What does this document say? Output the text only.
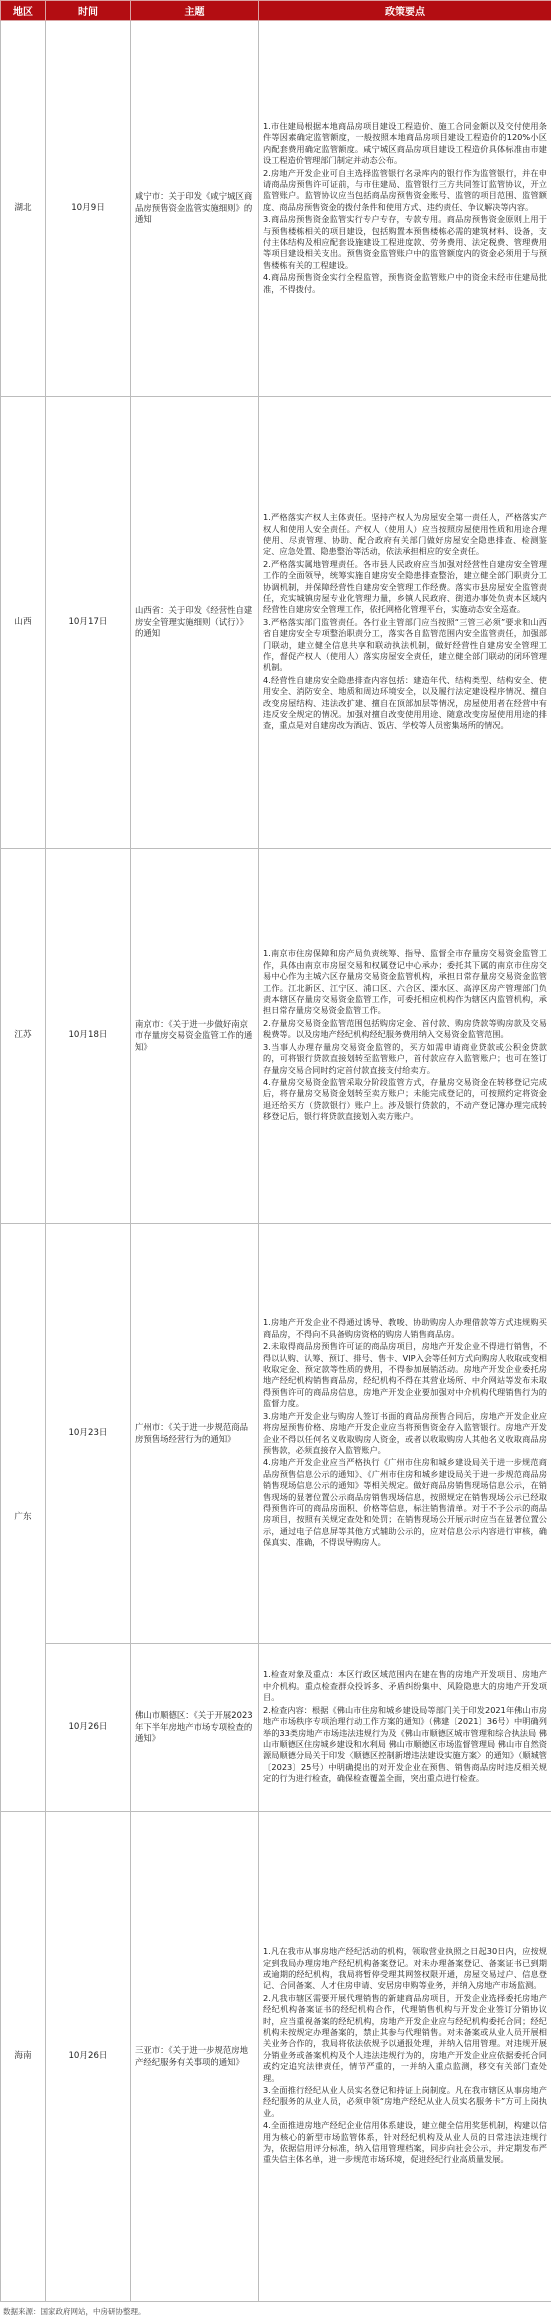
地区	时间	主题	政策要点
湖北	10月9日	咸宁市：关于印发《咸宁城区商品房预售资金监管实施细则》的通知	1.市住建局根据本地商品房项目建设工程造价、施工合同金额以及交付使用条件等因素确定监管额度，一般按照本地商品房项目建设工程造价的120%小区内配套费用确定监管额度。咸宁城区商品房项目建设工程造价具体标准由市建设工程造价管理部门制定并动态公布。

2.房地产开发企业可自主选择监管银行名录库内的银行作为监管银行，并在申请商品房预售许可证前，与市住建局、监管银行三方共同签订监管协议，开立监管账户。监管协议应当包括商品房预售资金账号、监管的项目范围、监管额度、商品房预售资金的拨付条件和使用方式、违约责任、争议解决等内容。

3.商品房预售资金监管实行专户专存，专款专用。商品房预售资金原则上用于与预售楼栋相关的项目建设，包括购置本预售楼栋必需的建筑材料、设备，支付主体结构及相应配套设施建设工程进度款、劳务费用、法定税费、管理费用等项目建设相关支出。预售资金监管账户中的监管额度内的资金必须用于与预售楼栋有关的工程建设。

4.商品房预售资金实行全程监管，预售资金监管账户中的资金未经市住建局批准，不得拨付。

山西	10月17日	山西省：关于印发《经营性自建房安全管理实施细则（试行）》的通知	1.严格落实产权人主体责任。坚持产权人为房屋安全第一责任人，严格落实产权人和使用人安全责任。产权人（使用人）应当按照房屋使用性质和用途合理使用、尽责管理、协助、配合政府有关部门做好房屋安全隐患排查、检测鉴定、应急处置、隐患整治等活动，依法承担相应的安全责任。

2.严格落实属地管理责任。各市县人民政府应当加强对经营性自建房安全管理工作的全面领导，统筹实施自建房安全隐患排查整治，建立健全部门职责分工协调机制，并保障经营性自建房安全管理工作经费。落实市县房屋安全监管责任，充实城镇房屋专业化管理力量，乡镇人民政府、街道办事处负责本区域内经营性自建房安全管理工作，依托网格化管理平台，实施动态安全巡查。

3.严格落实部门监管责任。各行业主管部门应当按照“三管三必须”要求和山西省自建房安全专项整治职责分工，落实各自监管范围内安全监管责任，加强部门联动，建立健全信息共享和联动执法机制，做好经营性自建房安全管理工作，督促产权人（使用人）落实房屋安全责任，建立健全部门联动的闭环管理机制。

4.经营性自建房安全隐患排查内容包括：建造年代、结构类型、结构安全、使用安全、消防安全、地质和周边环境安全，以及履行法定建设程序情况、擅自改变房屋结构、违法改扩建、擅自在顶部加层等情况，房屋使用者在经营中有违反安全规定的情况。加强对擅自改变使用用途、随意改变房屋使用用途的排查，重点是对自建房改为酒店、饭店、学校等人员密集场所的情况。

江苏	10月18日	南京市：《关于进一步做好南京市存量房交易资金监管工作的通知》	1.南京市住房保障和房产局负责统筹、指导、监督全市存量房交易资金监管工作，具体由南京市房屋交易和权属登记中心承办；委托其下属的南京市住房交易中心作为主城六区存量房交易资金监管机构，承担日常存量房交易资金监管工作。江北新区、江宁区、浦口区、六合区、溧水区、高淳区房产管理部门负责本辖区存量房交易资金监管工作，可委托相应机构作为辖区内监管机构，承担日常存量房交易资金监管工作。

2.存量房交易资金监管范围包括购房定金、首付款、购房贷款等购房款及交易税费等。以及房地产经纪机构经纪服务费用纳入交易资金监管范围。

3.当事人办理存量房交易资金监管的，买方如需申请商业贷款或公积金贷款的，可将银行贷款直接划转至监管账户，首付款应存入监管账户；也可在签订存量房交易合同时约定首付款直接支付给卖方。

4.存量房交易资金监管采取分阶段监管方式，存量房交易资金在转移登记完成后，将存量房交易资金划转至卖方账户；未能完成登记的，可按照约定将资金退还给买方（贷款银行）账户上。涉及银行贷款的，不动产登记簿办理完成转移登记后，银行将贷款直接划入卖方账户。

广东	10月23日	广州市：《关于进一步规范商品房预售场经营行为的通知》	1.房地产开发企业不得通过诱导、教唆、协助购房人办理借款等方式违规购买商品房，不得向不具备购房资格的购房人销售商品房。

2.未取得商品房预售许可证的商品房项目，房地产开发企业不得进行销售，不得以认购、认筹、预订、排号、售卡、VIP入会等任何方式向购房人收取或变相收取定金、预定款等性质的费用，不得参加展销活动。房地产开发企业委托房地产经纪机构销售商品房，经纪机构不得在其营业场所、中介网站等发布未取得预售许可的商品房信息，房地产开发企业要加强对中介机构代理销售行为的监督力度。

3.房地产开发企业与购房人签订书面的商品房预售合同后，房地产开发企业应将房屋预售价格、房地产开发企业应当将预售资金存入监管银行。房地产开发企业不得以任何名义收取购房人资金，或者以收取购房人其他名义收取商品房预售款，必须直接存入监管账户。

4.房地产开发企业应当严格执行《广州市住房和城乡建设局关于进一步规范商品房预售信息公示的通知》、《广州市住房和城乡建设局关于进一步规范商品房销售现场信息公示的通知》等相关规定。做好商品房销售现场信息公示，在销售现场的显著位置公示商品房销售现场信息，按照规定在销售现场公示已经取得预售许可的商品房面积、价格等信息，标注销售清单。对于不予公示的商品房项目，按照有关规定查处和处罚；在销售现场公开展示时应当在显著位置公示，通过电子信息屏等其他方式辅助公示的，应对信息公示内容进行审核，确保真实、准确，不得误导购房人。

	10月26日	佛山市顺德区：《关于开展2023年下半年房地产市场专项检查的通知》	1.检查对象及重点：本区行政区域范围内在建在售的房地产开发项目、房地产中介机构。重点检查群众投诉多、矛盾纠纷集中、风险隐患大的房地产开发项目。

2.检查内容：根据《佛山市住房和城乡建设局等部门关于印发2021年佛山市房地产市场秩序专项治理行动工作方案的通知》（佛建〔2021〕36号）中明确列举的33类房地产市场违法违规行为及《佛山市顺德区城市管理和综合执法局 佛山市顺德区住房城乡建设和水利局 佛山市顺德区市场监督管理局 佛山市自然资源局顺德分局关于印发〈顺德区控制新增违法建设实施方案〉的通知》（顺城管〔2023〕25号）中明确提出的对开发企业在预售、销售商品房时违反相关规定的行为进行检查，确保检查覆盖全面，突出重点进行检查。

海南	10月26日	三亚市：《关于进一步规范房地产经纪服务有关事项的通知》	1.凡在我市从事房地产经纪活动的机构，领取营业执照之日起30日内，应按规定到我局办理房地产经纪机构备案登记。对未办理备案登记、备案证书已到期或逾期的经纪机构，我局将暂停受理其网签权限开通，房屋交易过户、信息登记、合同备案、人才住房申请、安居房申购等业务，并纳入房地产市场监测。

2.凡我市辖区需要开展代理销售的新建商品房项目，开发企业选择委托房地产经纪机构备案证书的经纪机构合作，代理销售机构与开发企业签订分销协议时，应当重视备案的经纪机构，房地产开发企业应与经纪机构委托合同；经纪机构未按规定办理备案的，禁止其参与代理销售。对未备案或从业人员开展相关业务合作的，我局将依法依规予以通报处理，并纳入信用管理。对违规开展分销业务或备案机构及个人违法违规行为的，房地产开发企业应依据委托合同或约定追究法律责任，情节严重的，一并纳入重点监测，移交有关部门查处理。

3.全面推行经纪从业人员实名登记和持证上岗制度。凡在我市辖区从事房地产经纪服务的从业人员，必须申领“房地产经纪从业人员实名服务卡”方可上岗执业。

4.全面推进房地产经纪企业信用体系建设，建立健全信用奖惩机制，构建以信用为核心的新型市场监管体系，针对经纪机构及从业人员的日常违法违规行为，依据信用评分标准，纳入信用管理档案，同步向社会公示，并定期发布严重失信主体名单，进一步规范市场环境，促进经纪行业高质量发展。

数据来源：国家政府网站，中房研协整理。
